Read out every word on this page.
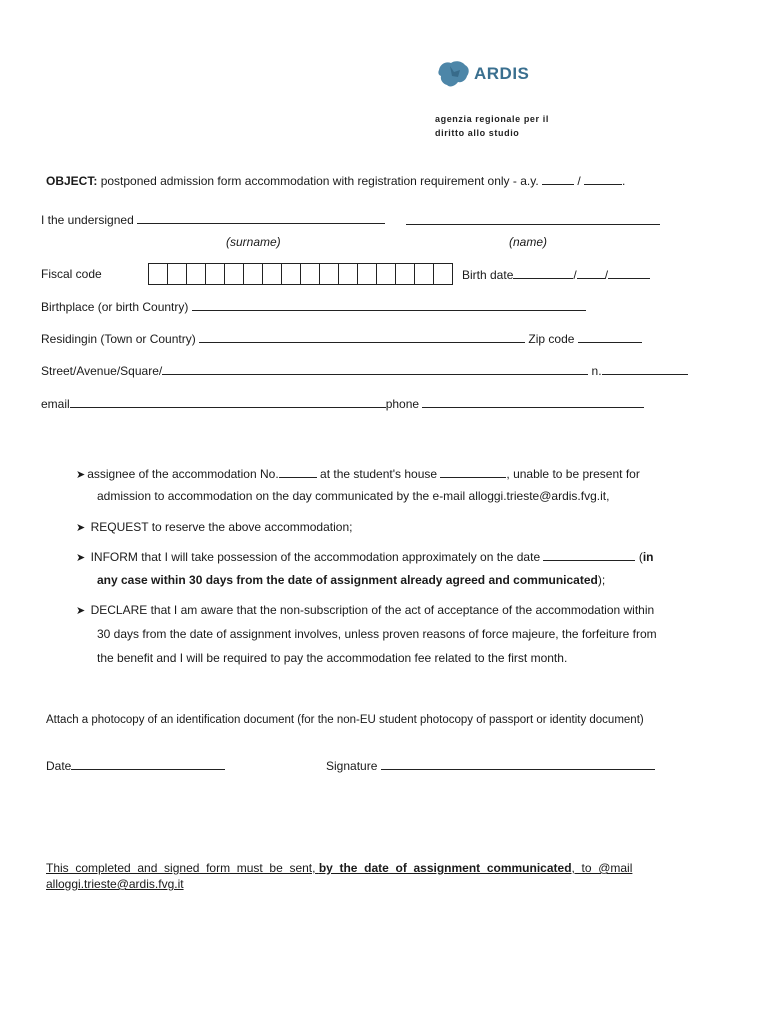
ARDIS
agenzia regionale per il
diritto allo studio
OBJECT: postponed admission form accommodation with registration requirement only - a.y.	/	.
I the undersigned
(surname)	(name)
Fiscal code	Birth date	/ /
Birthplace (or birth Country)
Residingin (Town or Country)	Zip code
Street/Avenue/Square/	n.
email	phone
➤ assignee of the accommodation No.	at the student's house	, unable to be present for
admission to accommodation on the day communicated by the e-mail alloggi.trieste@ardis.fvg.it,
➤ REQUEST to reserve the above accommodation;
➤ INFORM that I will take possession of the accommodation approximately on the date	(in
any case within 30 days from the date of assignment already agreed and communicated);
➤ DECLARE that I am aware that the non-subscription of the act of acceptance of the accommodation within
30 days from the date of assignment involves, unless proven reasons of force majeure, the forfeiture from
the benefit and I will be required to pay the accommodation fee related to the first month.
Attach a photocopy of an identification document (for the non-EU student photocopy of passport or identity document)
Date	Signature
This  completed  and  signed  form  must  be  sent, by  the  date  of  assignment  communicated,  to  @mail
alloggi.trieste@ardis.fvg.it
